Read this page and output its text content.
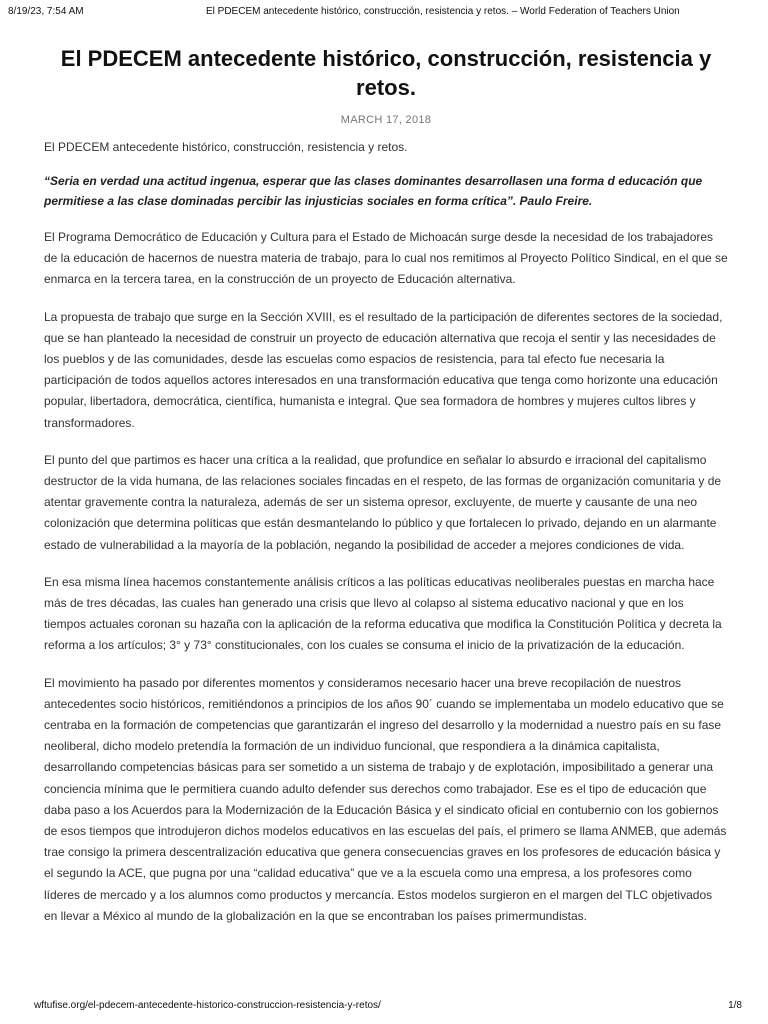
8/19/23, 7:54 AM	El PDECEM antecedente histórico, construcción, resistencia y retos. – World Federation of Teachers Union
El PDECEM antecedente histórico, construcción, resistencia y retos.
MARCH 17, 2018

El PDECEM antecedente histórico, construcción, resistencia y retos.

“Seria en verdad una actitud ingenua, esperar que las clases dominantes desarrollasen una forma d educación que permitiese a las clase dominadas percibir las injusticias sociales en forma crítica”. Paulo Freire.

El Programa Democrático de Educación y Cultura para el Estado de Michoacán surge desde la necesidad de los trabajadores de la educación de hacernos de nuestra materia de trabajo, para lo cual nos remitimos al Proyecto Político Sindical, en el que se enmarca en la tercera tarea, en la construcción de un proyecto de Educación alternativa.

La propuesta de trabajo que surge en la Sección XVIII, es el resultado de la participación de diferentes sectores de la sociedad, que se han planteado la necesidad de construir un proyecto de educación alternativa que recoja el sentir y las necesidades de los pueblos y de las comunidades, desde las escuelas como espacios de resistencia, para tal efecto fue necesaria la participación de todos aquellos actores interesados en una transformación educativa que tenga como horizonte una educación popular, libertadora, democrática, científica, humanista e integral. Que sea formadora de hombres y mujeres cultos libres y transformadores.

El punto del que partimos es hacer una crítica a la realidad, que profundice en señalar lo absurdo e irracional del capitalismo destructor de la vida humana, de las relaciones sociales fincadas en el respeto, de las formas de organización comunitaria y de atentar gravemente contra la naturaleza, además de ser un sistema opresor, excluyente, de muerte y causante de una neo colonización que determina políticas que están desmantelando lo público y que fortalecen lo privado, dejando en un alarmante estado de vulnerabilidad a la mayoría de la población, negando la posibilidad de acceder a mejores condiciones de vida.

En esa misma línea hacemos constantemente análisis críticos a las políticas educativas neoliberales puestas en marcha hace más de tres décadas, las cuales han generado una crisis que llevo al colapso al sistema educativo nacional y que en los tiempos actuales coronan su hazaña con la aplicación de la reforma educativa que modifica la Constitución Política y decreta la reforma a los artículos; 3° y 73° constitucionales, con los cuales se consuma el inicio de la privatización de la educación.

El movimiento ha pasado por diferentes momentos y consideramos necesario hacer una breve recopilación de nuestros antecedentes socio históricos, remitiéndonos a principios de los años 90´ cuando se implementaba un modelo educativo que se centraba en la formación de competencias que garantizarán el ingreso del desarrollo y la modernidad a nuestro país en su fase neoliberal, dicho modelo pretendía la formación de un individuo funcional, que respondiera a la dinámica capitalista, desarrollando competencias básicas para ser sometido a un sistema de trabajo y de explotación, imposibilitado a generar una conciencia mínima que le permitiera cuando adulto defender sus derechos como trabajador. Ese es el tipo de educación que daba paso a los Acuerdos para la Modernización de la Educación Básica y el sindicato oficial en contubernio con los gobiernos de esos tiempos que introdujeron dichos modelos educativos en las escuelas del país, el primero se llama ANMEB, que además trae consigo la primera descentralización educativa que genera consecuencias graves en los profesores de educación básica y el segundo la ACE, que pugna por una “calidad educativa” que ve a la escuela como una empresa, a los profesores como líderes de mercado y a los alumnos como productos y mercancía. Estos modelos surgieron en el margen del TLC objetivados en llevar a México al mundo de la globalización en la que se encontraban los países primermundistas.

wftufise.org/el-pdecem-antecedente-historico-construccion-resistencia-y-retos/	1/8
